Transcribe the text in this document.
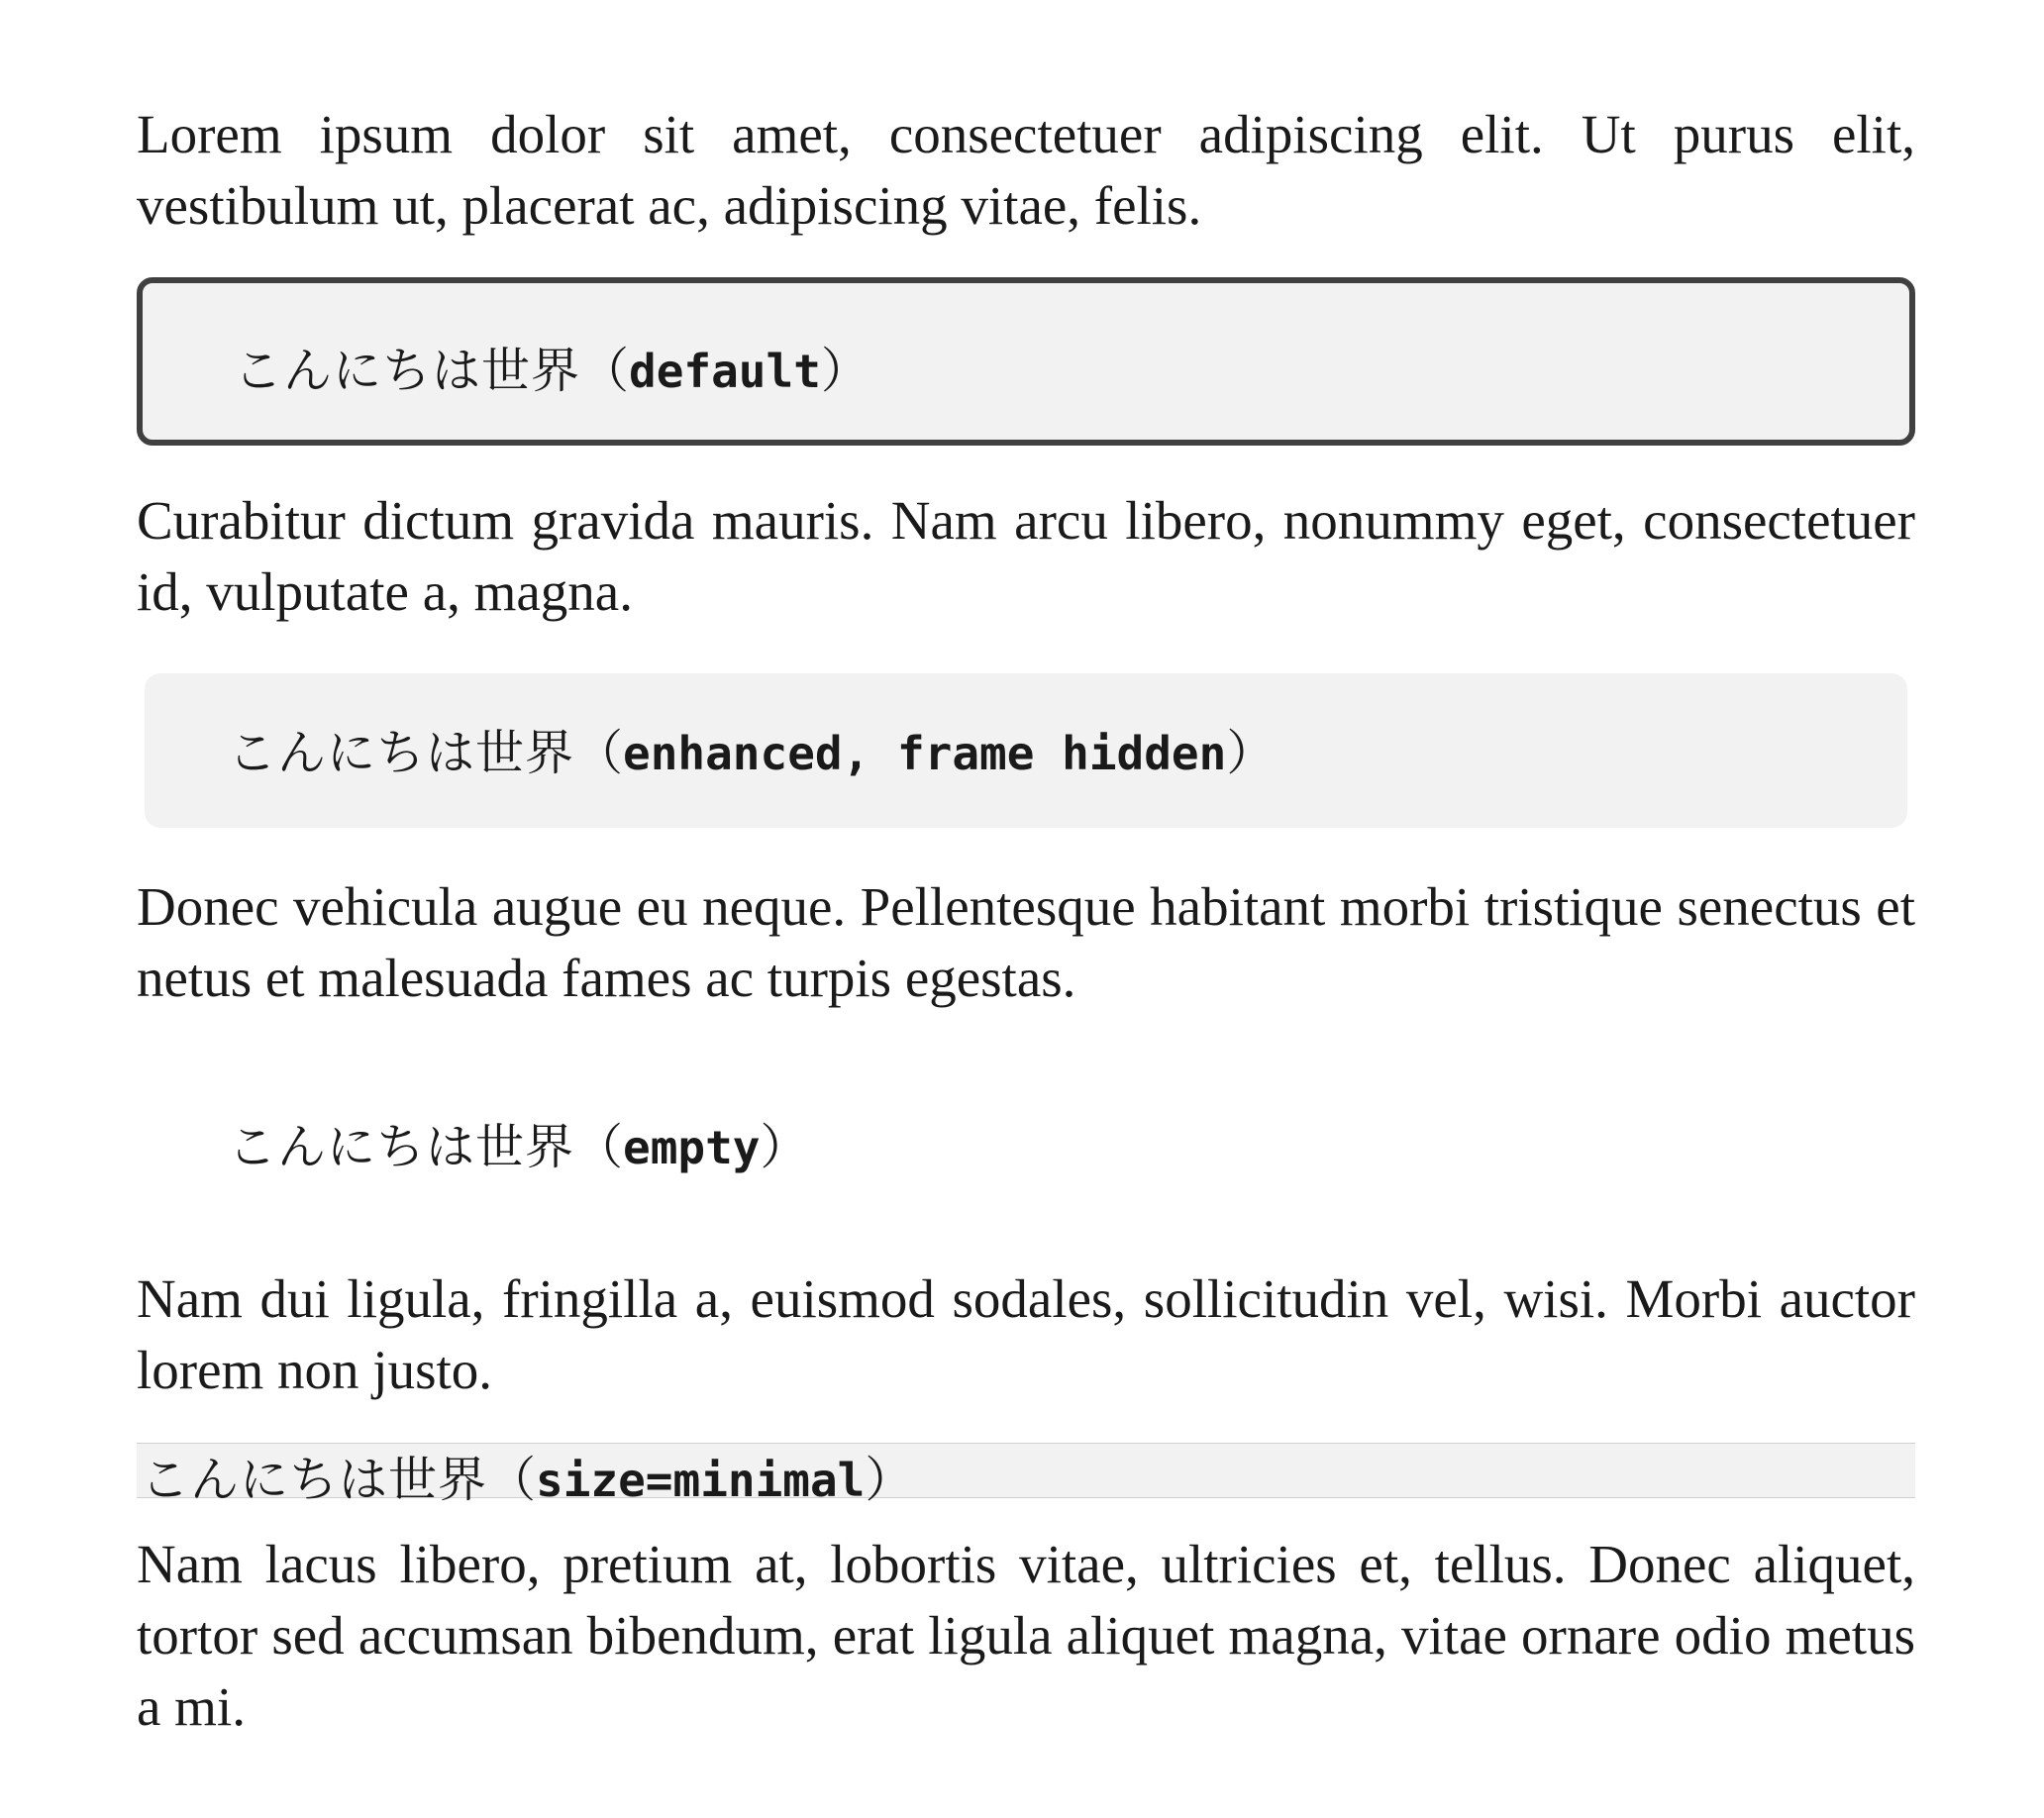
Lorem ipsum dolor sit amet, consectetuer adipiscing elit. Ut purus elit, vestibulum ut, placerat ac, adipiscing vitae, felis.

こんにちは世界（default）

Curabitur dictum gravida mauris. Nam arcu libero, nonummy eget, consectetuer id, vulputate a, magna.

こんにちは世界（enhanced, frame hidden）

Donec vehicula augue eu neque. Pellentesque habitant morbi tristique senectus et netus et malesuada fames ac turpis egestas.

こんにちは世界（empty）

Nam dui ligula, fringilla a, euismod sodales, sollicitudin vel, wisi. Morbi auctor lorem non justo.

こんにちは世界（size=minimal）

Nam lacus libero, pretium at, lobortis vitae, ultricies et, tellus. Donec aliquet, tortor sed accumsan bibendum, erat ligula aliquet magna, vitae ornare odio metus a mi.
